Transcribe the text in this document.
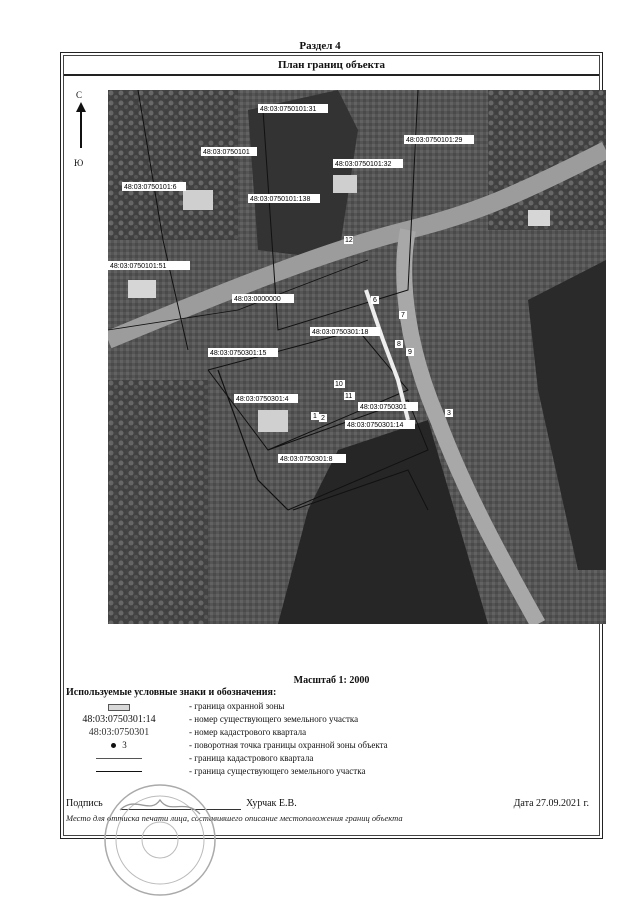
Раздел 4
План границ объекта
С
Ю
48:03:0750101:31
48:03:0750101:29
48:03:0750101
48:03:0750101:32
48:03:0750101:6
48:03:0750101:138
48:03:0750101:51
48:03:0000000
48:03:0750301:18
48:03:0750301:15
48:03:0750301:4
48:03:0750301
48:03:0750301:14
48:03:0750301:8
12
6
7
8
9
10
11
1 2
3
Масштаб 1: 2000
Используемые условные знаки и обозначения:
- граница охранной зоны
48:03:0750301:14	- номер существующего земельного участка
48:03:0750301	- номер кадастрового квартала
3	- поворотная точка границы охранной зоны объекта
- граница кадастрового квартала
- граница существующего земельного участка
Подпись	Хурчак Е.В.	Дата 27.09.2021 г.
Место для оттиска печати лица, составившего описание местоположения границ объекта
